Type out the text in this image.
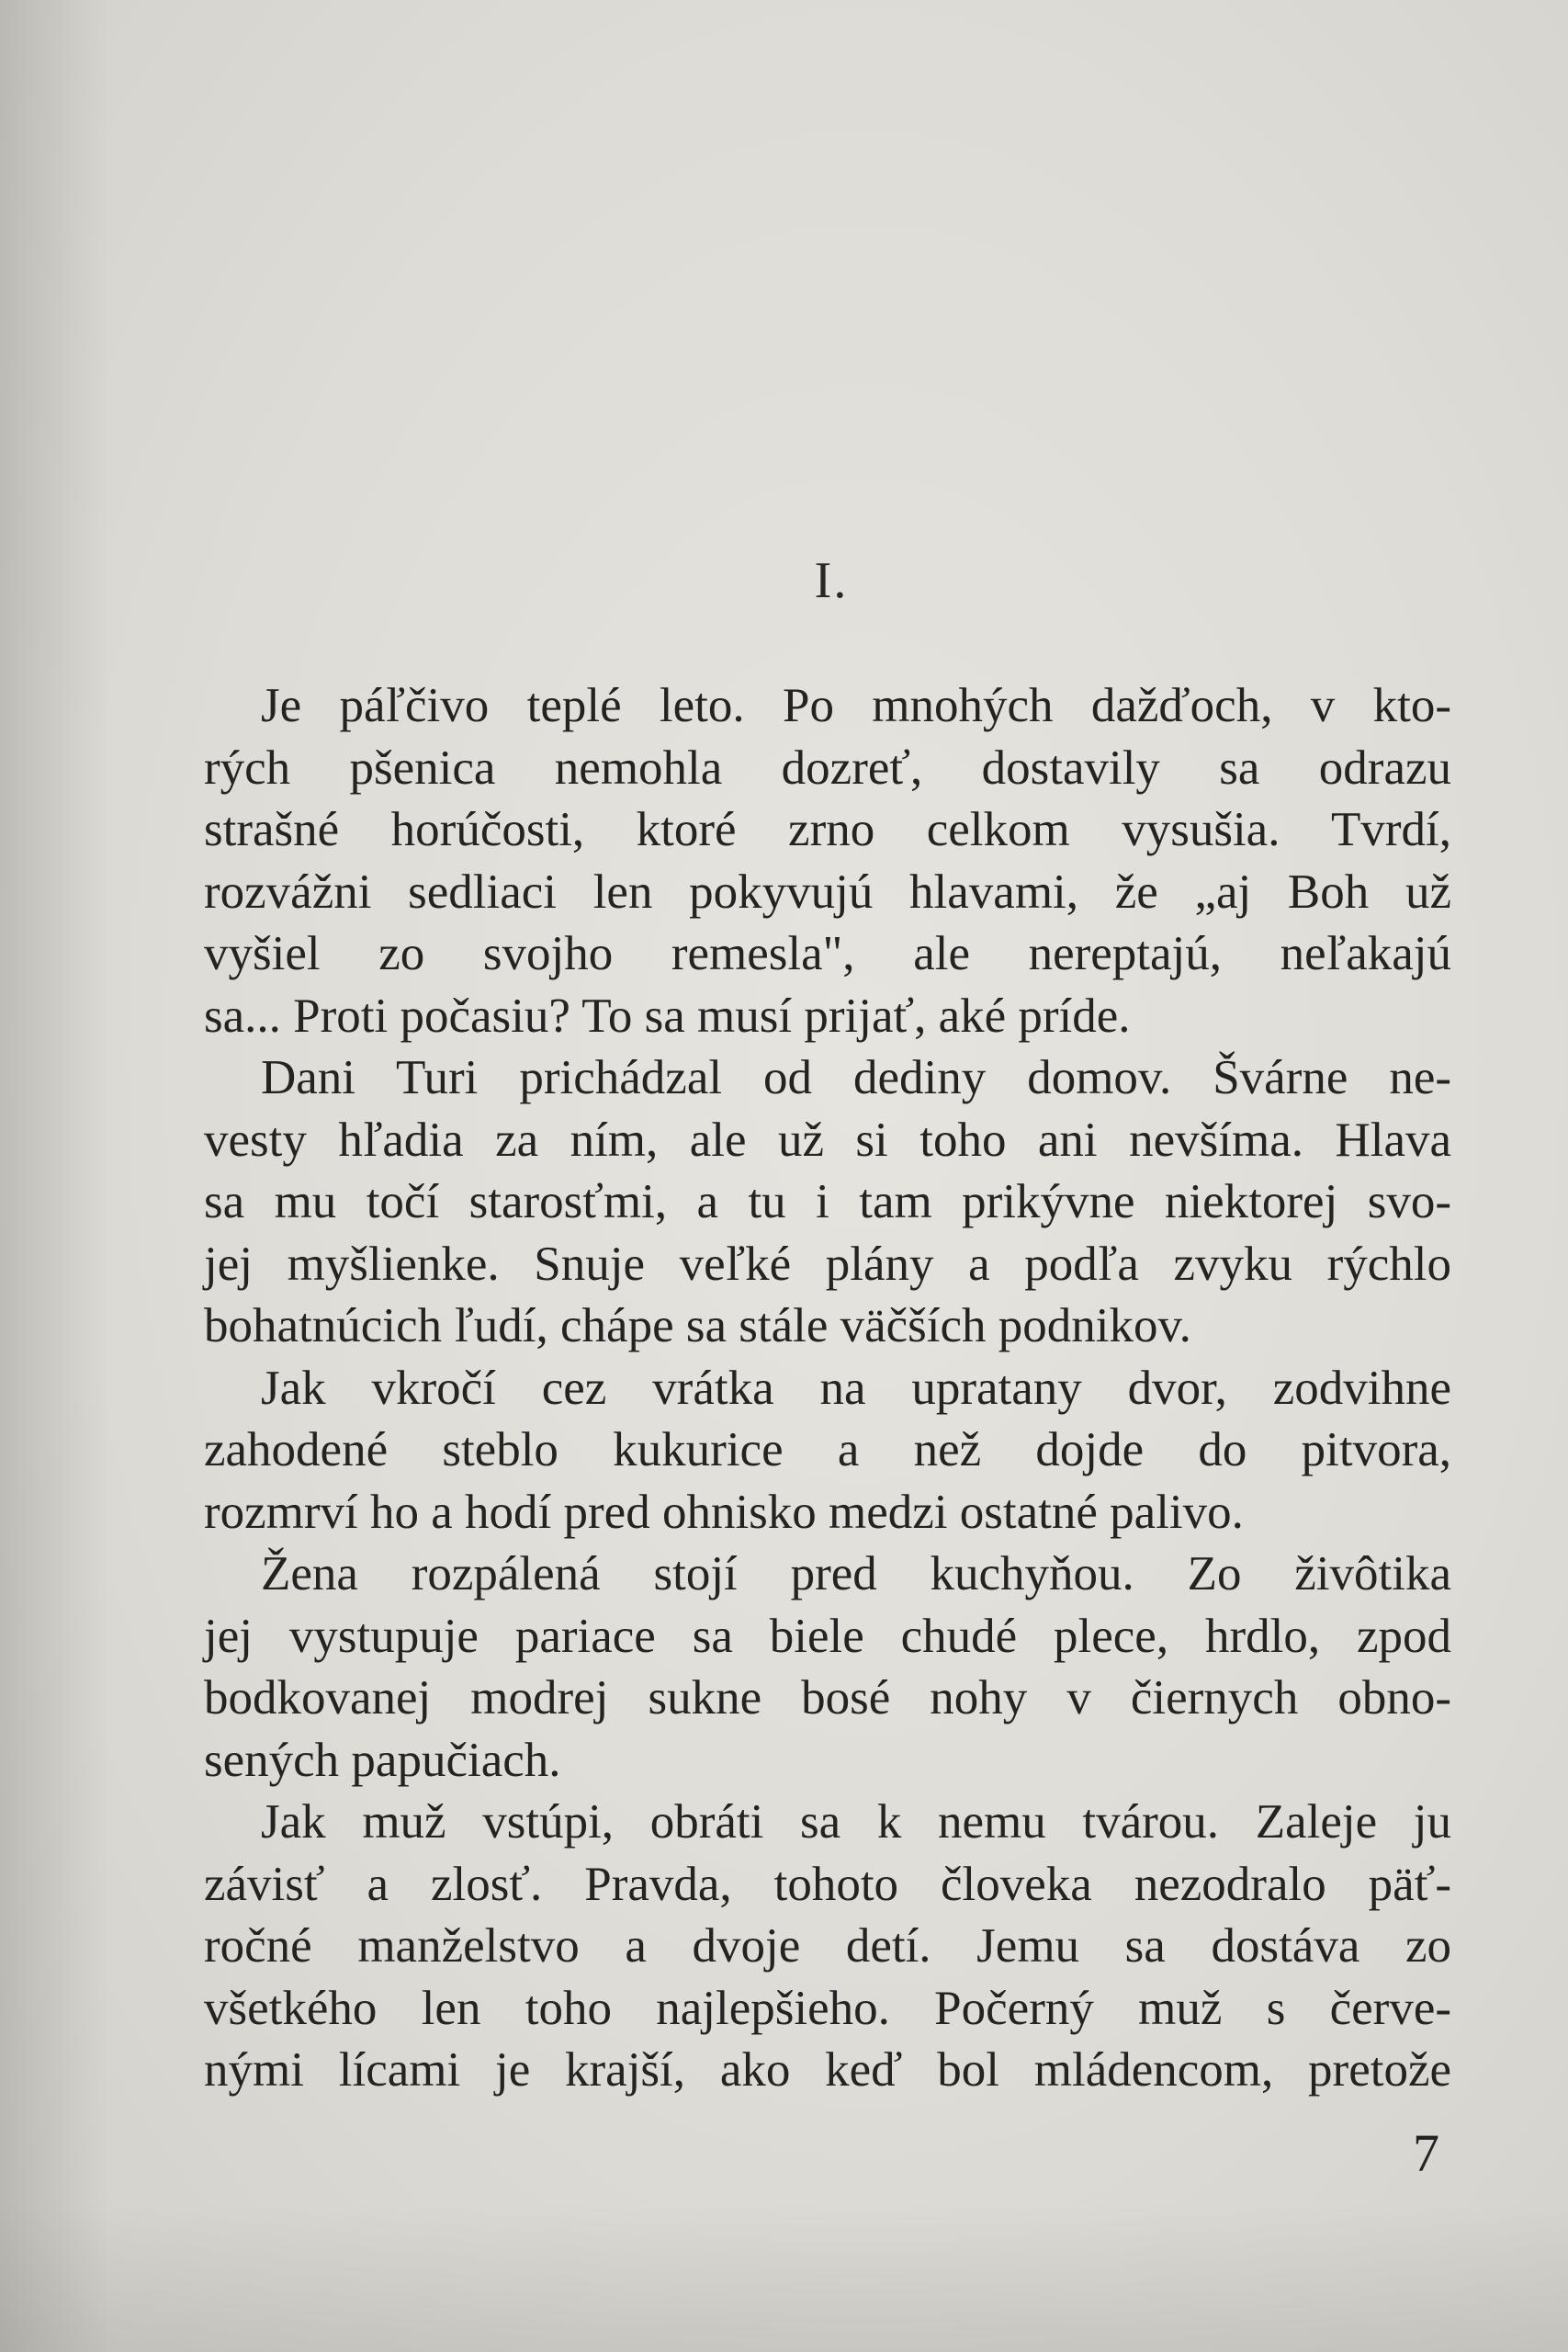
I.
Je páľčivo teplé leto. Po mnohých dažďoch, v kto-
rých pšenica nemohla dozreť, dostavily sa odrazu
strašné horúčosti, ktoré zrno celkom vysušia. Tvrdí,
rozvážni sedliaci len pokyvujú hlavami, že „aj Boh už
vyšiel zo svojho remesla", ale nereptajú, neľakajú
sa... Proti počasiu? To sa musí prijať, aké príde.
Dani Turi prichádzal od dediny domov. Švárne ne-
vesty hľadia za ním, ale už si toho ani nevšíma. Hlava
sa mu točí starosťmi, a tu i tam prikývne niektorej svo-
jej myšlienke. Snuje veľké plány a podľa zvyku rýchlo
bohatnúcich ľudí, chápe sa stále väčších podnikov.
Jak vkročí cez vrátka na upratany dvor, zodvihne
zahodené steblo kukurice a než dojde do pitvora,
rozmrví ho a hodí pred ohnisko medzi ostatné palivo.
Žena rozpálená stojí pred kuchyňou. Zo živôtika
jej vystupuje pariace sa biele chudé plece, hrdlo, zpod
bodkovanej modrej sukne bosé nohy v čiernych obno-
sených papučiach.
Jak muž vstúpi, obráti sa k nemu tvárou. Zaleje ju
závisť a zlosť. Pravda, tohoto človeka nezodralo päť-
ročné manželstvo a dvoje detí. Jemu sa dostáva zo
všetkého len toho najlepšieho. Počerný muž s červe-
nými lícami je krajší, ako keď bol mládencom, pretože
7
